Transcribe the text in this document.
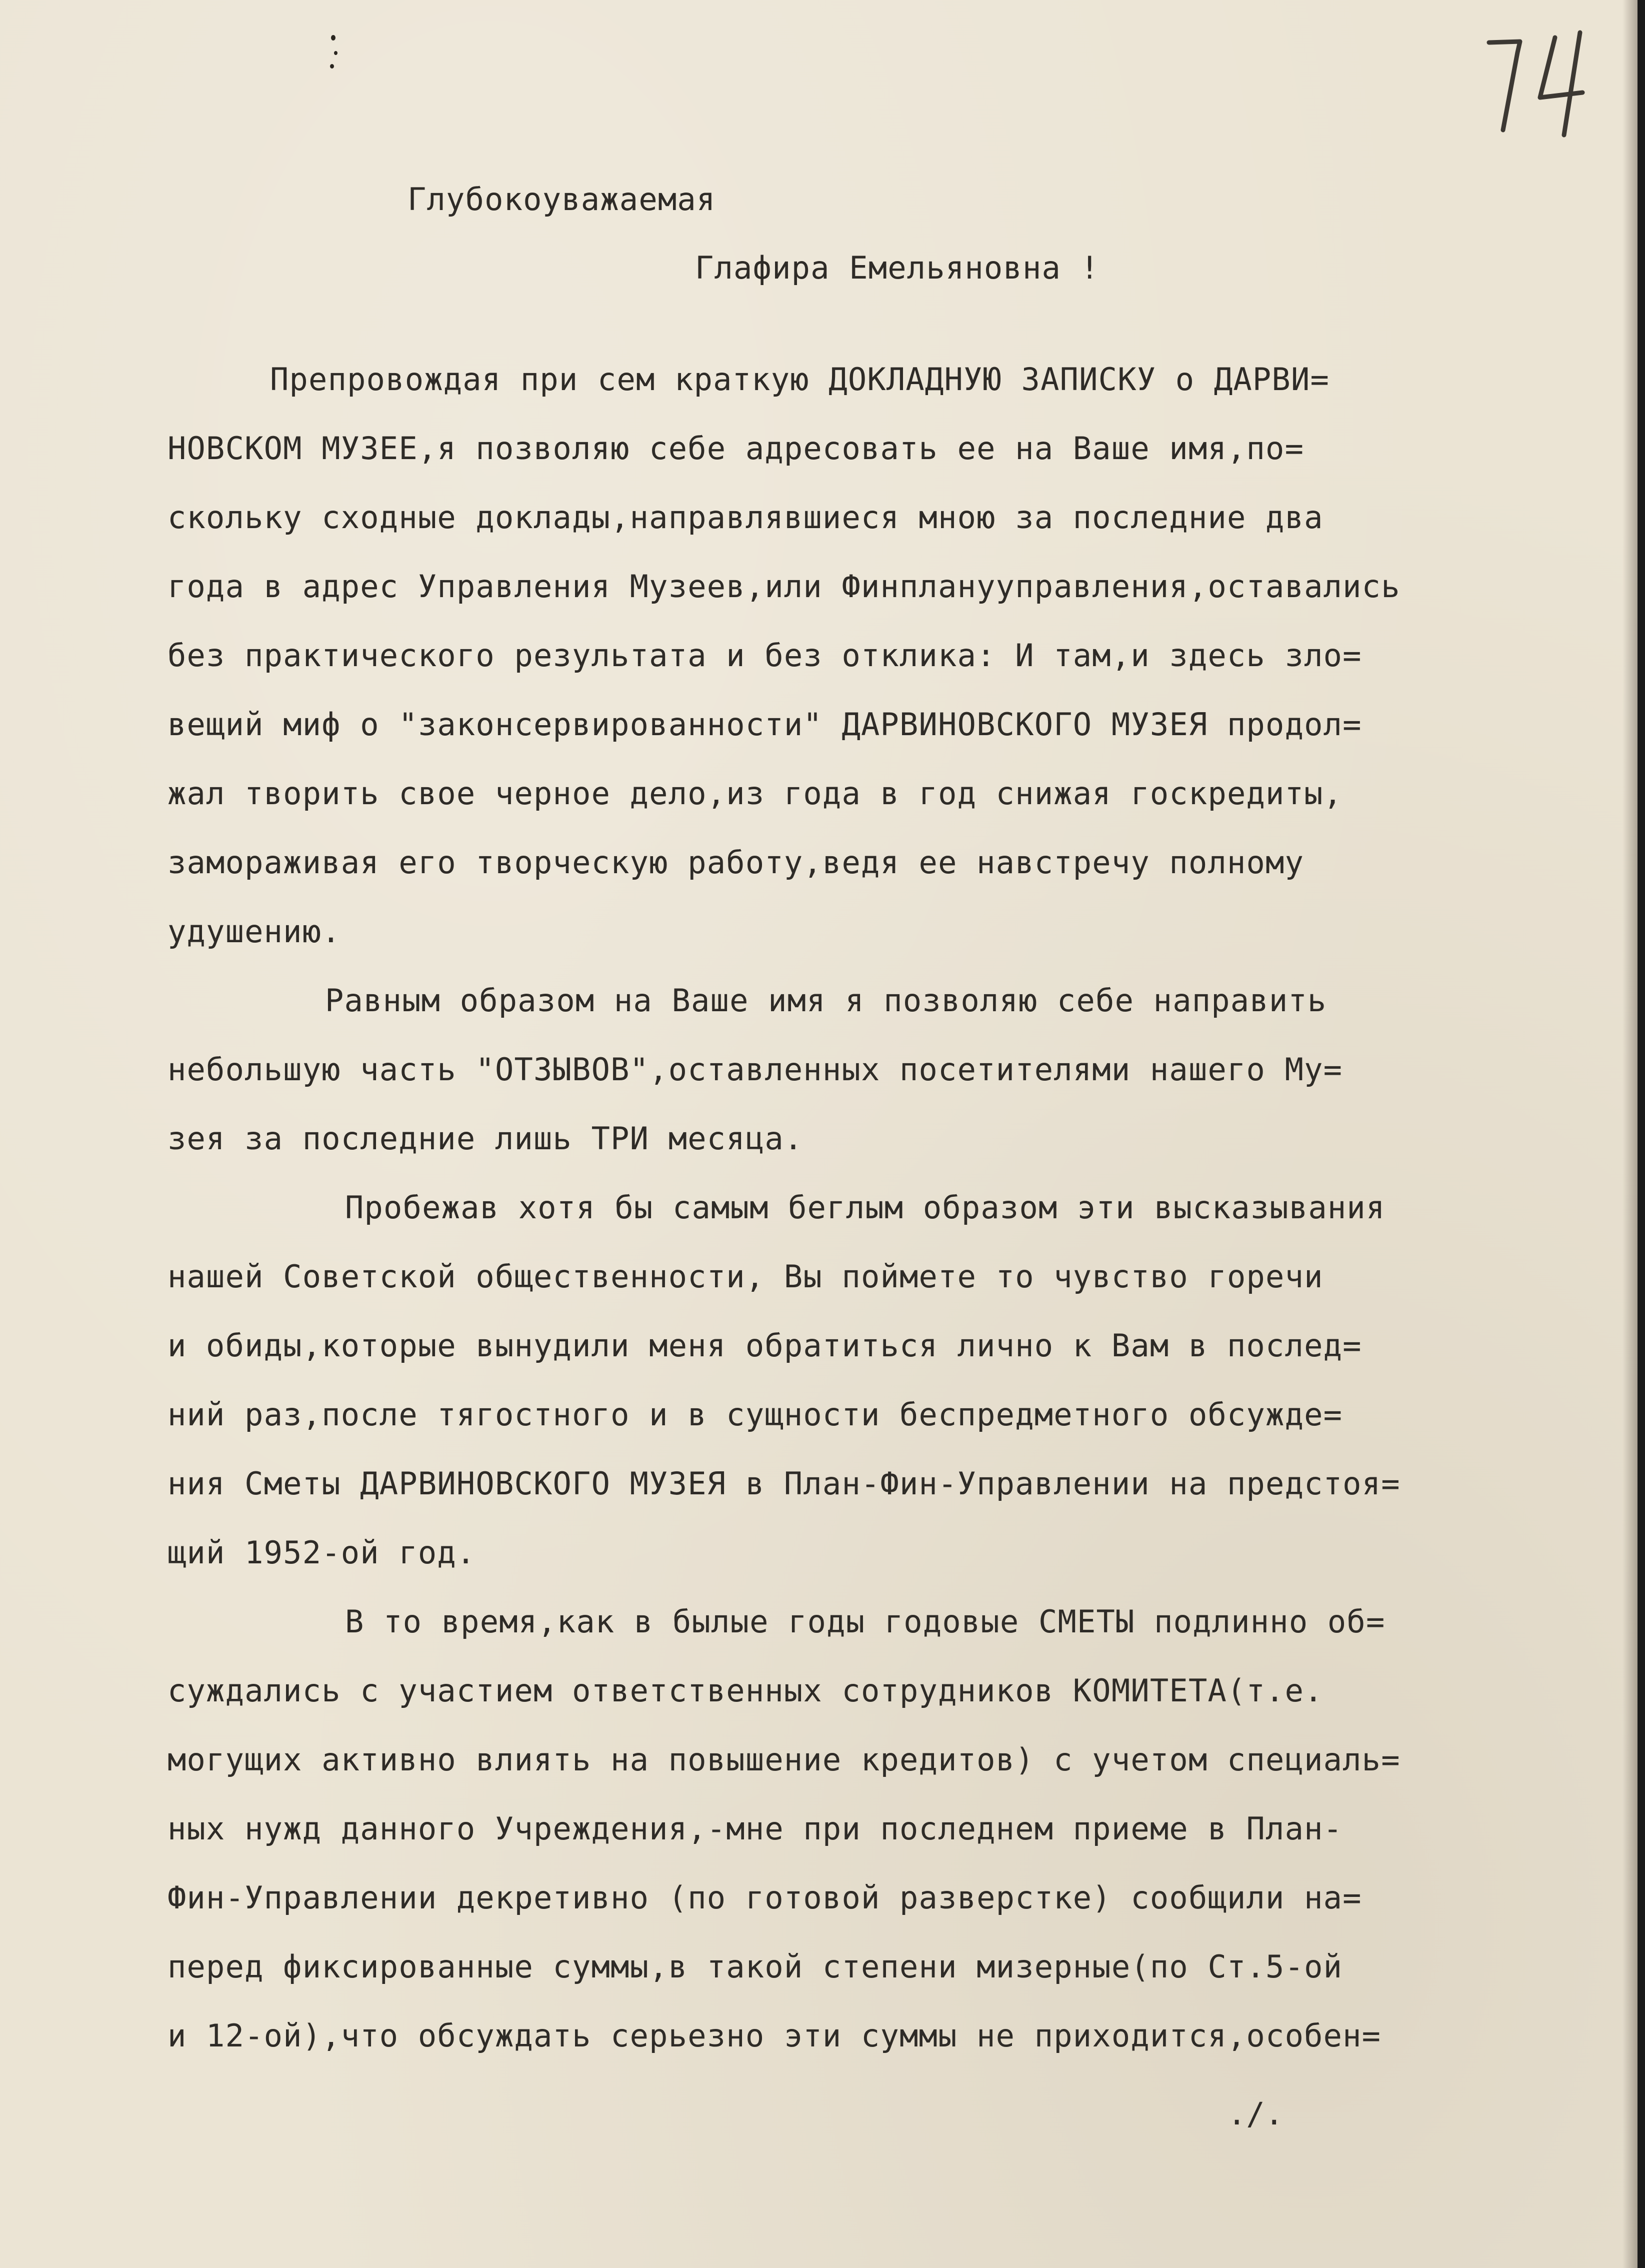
Глубокоуважаемая
Глафира Емельяновна !
Препровождая при сем краткую ДОКЛАДНУЮ ЗАПИСКУ о ДАРВИ=
НОВСКОМ МУЗЕЕ,я позволяю себе адресовать ее на Ваше имя,по=
скольку сходные доклады,направлявшиеся мною за последние два
года в адрес Управления Музеев,или Финпланууправления,оставались
без практического результата и без отклика: И там,и здесь зло=
вещий миф о "законсервированности" ДАРВИНОВСКОГО МУЗЕЯ продол=
жал творить свое черное дело,из года в год снижая госкредиты,
замораживая его творческую работу,ведя ее навстречу полному
удушению.
Равным образом на Ваше имя я позволяю себе направить
небольшую часть "ОТЗЫВОВ",оставленных посетителями нашего Му=
зея за последние лишь ТРИ месяца.
Пробежав хотя бы самым беглым образом эти высказывания
нашей Советской общественности, Вы поймете то чувство горечи
и обиды,которые вынудили меня обратиться лично к Вам в послед=
ний раз,после тягостного и в сущности беспредметного обсужде=
ния Сметы ДАРВИНОВСКОГО МУЗЕЯ в План-Фин-Управлении на предстоя=
щий 1952-ой год.
В то время,как в былые годы годовые СМЕТЫ подлинно об=
суждались с участием ответственных сотрудников КОМИТЕТА(т.е.
могущих активно влиять на повышение кредитов) с учетом специаль=
ных нужд данного Учреждения,-мне при последнем приеме в План-
Фин-Управлении декретивно (по готовой разверстке) сообщили на=
перед фиксированные суммы,в такой степени мизерные(по Ст.5-ой
и 12-ой),что обсуждать серьезно эти суммы не приходится,особен=
./.
